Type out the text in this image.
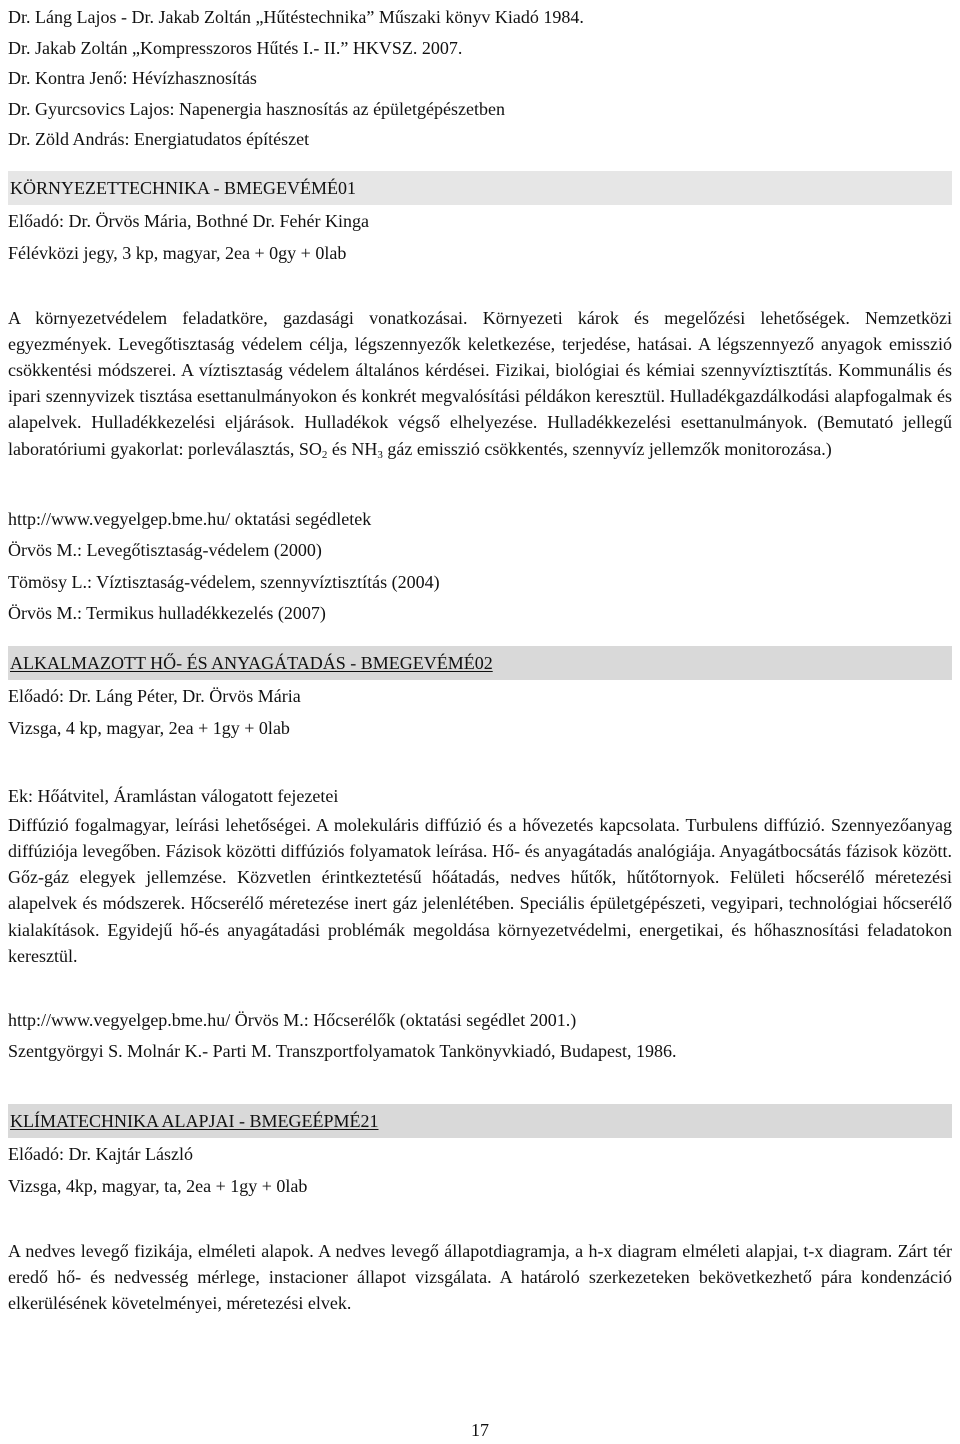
Dr. Láng Lajos - Dr. Jakab Zoltán „Hűtéstechnika” Műszaki könyv Kiadó 1984.

Dr. Jakab Zoltán „Kompresszoros Hűtés I.- II.” HKVSZ. 2007.

Dr. Kontra Jenő: Hévízhasznosítás

Dr. Gyurcsovics Lajos: Napenergia hasznosítás az épületgépészetben

Dr. Zöld András: Energiatudatos építészet

KÖRNYEZETTECHNIKA - BMEGEVÉMÉ01

Előadó: Dr. Örvös Mária, Bothné Dr. Fehér Kinga

Félévközi jegy, 3 kp, magyar, 2ea + 0gy + 0lab

A környezetvédelem feladatköre, gazdasági vonatkozásai. Környezeti károk és megelőzési lehetőségek. Nemzetközi egyezmények. Levegőtisztaság védelem célja, légszennyezők keletkezése, terjedése, hatásai. A légszennyező anyagok emisszió csökkentési módszerei. A víztisztaság védelem általános kérdései. Fizikai, biológiai és kémiai szennyvíztisztítás. Kommunális és ipari szennyvizek tisztása esettanulmányokon és konkrét megvalósítási példákon keresztül. Hulladékgazdálkodási alapfogalmak és alapelvek. Hulladékkezelési eljárások. Hulladékok végső elhelyezése. Hulladékkezelési esettanulmányok. (Bemutató jellegű laboratóriumi gyakorlat: porleválasztás, $SO_2$ és $NH_3$ gáz emisszió csökkentés, szennyvíz jellemzők monitorozása.)

http://www.vegyelgep.bme.hu/ oktatási segédletek

Örvös M.: Levegőtisztaság-védelem (2000)

Tömösy L.: Víztisztaság-védelem, szennyvíztisztítás (2004)

Örvös M.: Termikus hulladékkezelés (2007)

ALKALMAZOTT HŐ- ÉS ANYAGÁTADÁS - BMEGEVÉMÉ02

Előadó: Dr. Láng Péter, Dr. Örvös Mária

Vizsga, 4 kp, magyar, 2ea + 1gy + 0lab

Ek: Hőátvitel, Áramlástan válogatott fejezetei

Diffúzió fogalmagyar, leírási lehetőségei. A molekuláris diffúzió és a hővezetés kapcsolata. Turbulens diffúzió. Szennyezőanyag diffúziója levegőben. Fázisok közötti diffúziós folyamatok leírása. Hő- és anyagátadás analógiája. Anyagátbocsátás fázisok között. Gőz-gáz elegyek jellemzése. Közvetlen érintkeztetésű hőátadás, nedves hűtők, hűtőtornyok. Felületi hőcserélő méretezési alapelvek és módszerek. Hőcserélő méretezése inert gáz jelenlétében. Speciális épületgépészeti, vegyipari, technológiai hőcserélő kialakítások. Egyidejű hő-és anyagátadási problémák megoldása környezetvédelmi, energetikai, és hőhasznosítási feladatokon keresztül.

http://www.vegyelgep.bme.hu/ Örvös M.: Hőcserélők (oktatási segédlet 2001.)

Szentgyörgyi S. Molnár K.- Parti M. Transzportfolyamatok Tankönyvkiadó, Budapest, 1986.

KLÍMATECHNIKA ALAPJAI - BMEGEÉPMÉ21

Előadó: Dr. Kajtár László

Vizsga, 4kp, magyar, ta, 2ea + 1gy + 0lab

A nedves levegő fizikája, elméleti alapok. A nedves levegő állapotdiagramja, a h-x diagram elméleti alapjai, t-x diagram. Zárt tér eredő hő- és nedvesség mérlege, instacioner állapot vizsgálata. A határoló szerkezeteken bekövetkezhető pára kondenzáció elkerülésének követelményei, méretezési elvek.

17
